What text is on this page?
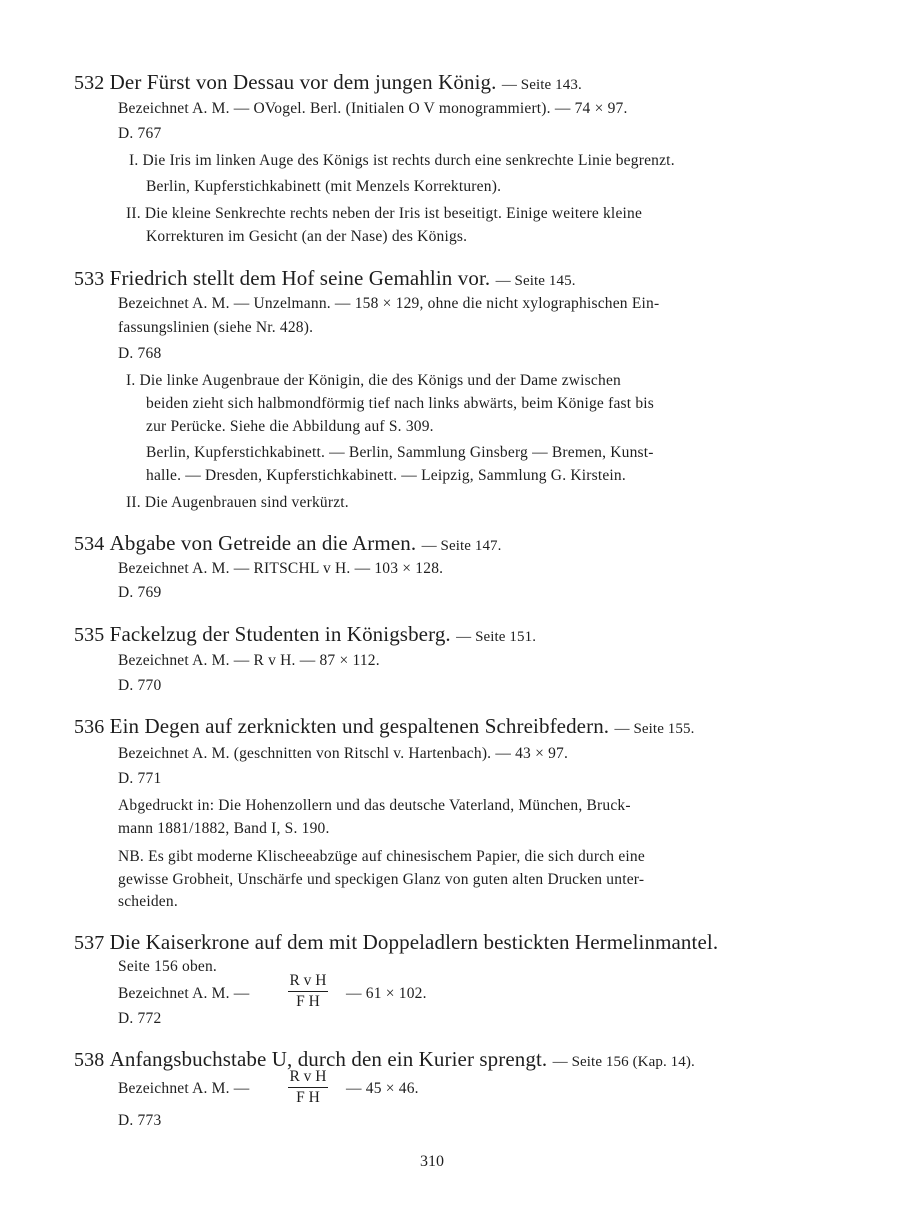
532 Der Fürst von Dessau vor dem jungen König. — Seite 143.
Bezeichnet A. M. — OVogel. Berl. (Initialen O V monogrammiert). — 74 × 97.
D. 767
I. Die Iris im linken Auge des Königs ist rechts durch eine senkrechte Linie begrenzt.
Berlin, Kupferstichkabinett (mit Menzels Korrekturen).
II. Die kleine Senkrechte rechts neben der Iris ist beseitigt. Einige weitere kleine
Korrekturen im Gesicht (an der Nase) des Königs.
533 Friedrich stellt dem Hof seine Gemahlin vor. — Seite 145.
Bezeichnet A. M. — Unzelmann. — 158 × 129, ohne die nicht xylographischen Ein-
fassungslinien (siehe Nr. 428).
D. 768
I. Die linke Augenbraue der Königin, die des Königs und der Dame zwischen
beiden zieht sich halbmondförmig tief nach links abwärts, beim Könige fast bis
zur Perücke. Siehe die Abbildung auf S. 309.
Berlin, Kupferstichkabinett. — Berlin, Sammlung Ginsberg — Bremen, Kunst-
halle. — Dresden, Kupferstichkabinett. — Leipzig, Sammlung G. Kirstein.
II. Die Augenbrauen sind verkürzt.
534 Abgabe von Getreide an die Armen. — Seite 147.
Bezeichnet A. M. — RITSCHL v H. — 103 × 128.
D. 769
535 Fackelzug der Studenten in Königsberg. — Seite 151.
Bezeichnet A. M. — R v H. — 87 × 112.
D. 770
536 Ein Degen auf zerknickten und gespaltenen Schreibfedern. — Seite 155.
Bezeichnet A. M. (geschnitten von Ritschl v. Hartenbach). — 43 × 97.
D. 771
Abgedruckt in: Die Hohenzollern und das deutsche Vaterland, München, Bruck-
mann 1881/1882, Band I, S. 190.
NB. Es gibt moderne Klischeeabzüge auf chinesischem Papier, die sich durch eine
gewisse Grobheit, Unschärfe und speckigen Glanz von guten alten Drucken unter-
scheiden.
537 Die Kaiserkrone auf dem mit Doppeladlern bestickten Hermelinmantel.
Seite 156 oben.
Bezeichnet A. M. — $\frac{\text{R v H}}{\text{F H}}$ — 61 × 102.
D. 772
538 Anfangsbuchstabe U, durch den ein Kurier sprengt. — Seite 156 (Kap. 14).
Bezeichnet A. M. — $\frac{\text{R v H}}{\text{F H}}$ — 45 × 46.
D. 773
310
